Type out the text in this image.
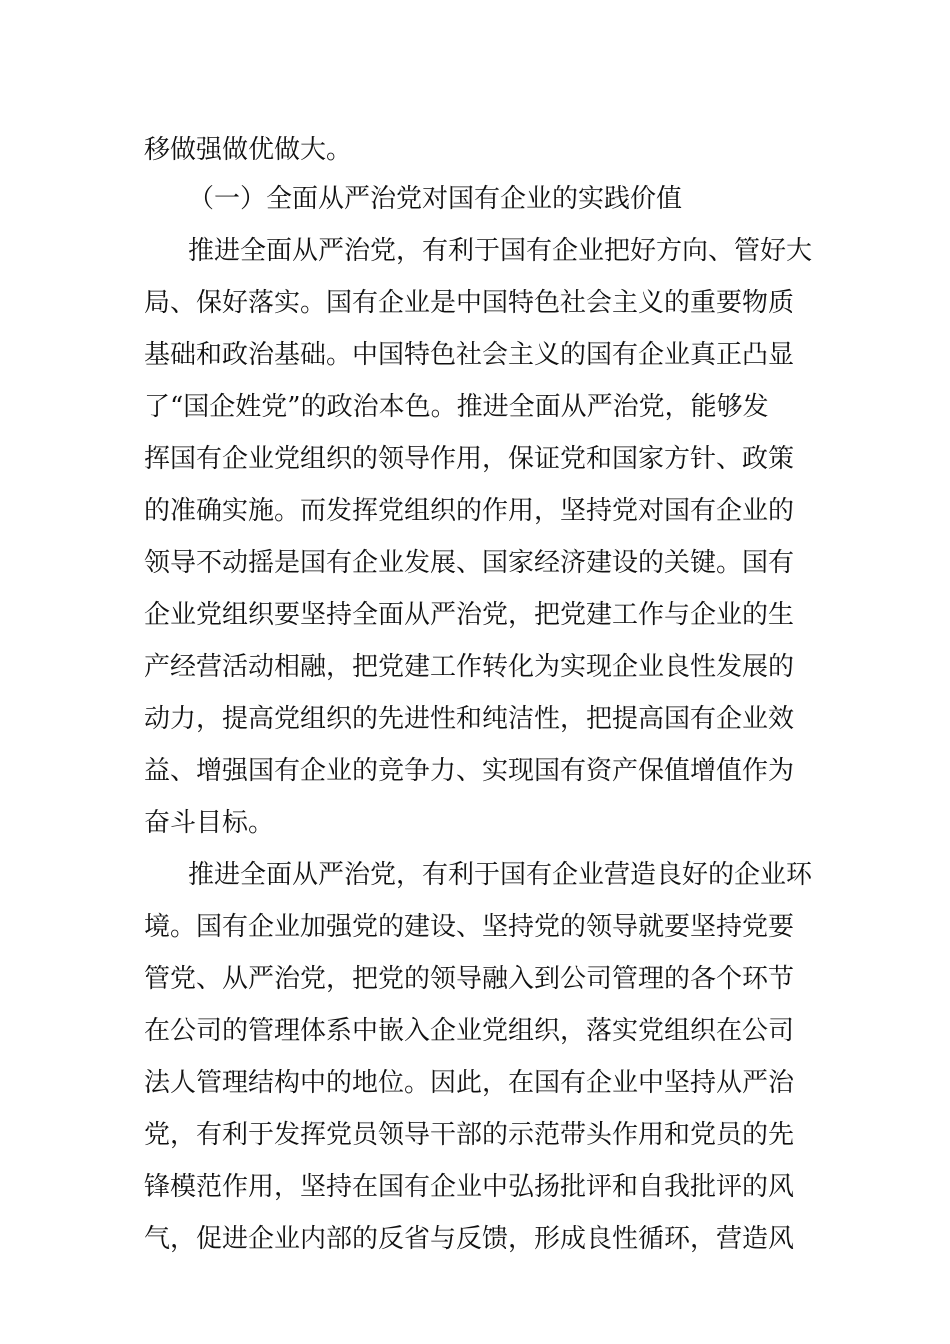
移做强做优做大。
（一）全面从严治党对国有企业的实践价值
推进全面从严治党，有利于国有企业把好方向、管好大
局、保好落实。国有企业是中国特色社会主义的重要物质
基础和政治基础。中国特色社会主义的国有企业真正凸显
了“国企姓党”的政治本色。推进全面从严治党，能够发
挥国有企业党组织的领导作用，保证党和国家方针、政策
的准确实施。而发挥党组织的作用，坚持党对国有企业的
领导不动摇是国有企业发展、国家经济建设的关键。国有
企业党组织要坚持全面从严治党，把党建工作与企业的生
产经营活动相融，把党建工作转化为实现企业良性发展的
动力，提高党组织的先进性和纯洁性，把提高国有企业效
益、增强国有企业的竞争力、实现国有资产保值增值作为
奋斗目标。
推进全面从严治党，有利于国有企业营造良好的企业环
境。国有企业加强党的建设、坚持党的领导就要坚持党要
管党、从严治党，把党的领导融入到公司管理的各个环节
在公司的管理体系中嵌入企业党组织，落实党组织在公司
法人管理结构中的地位。因此，在国有企业中坚持从严治
党，有利于发挥党员领导干部的示范带头作用和党员的先
锋模范作用，坚持在国有企业中弘扬批评和自我批评的风
气，促进企业内部的反省与反馈，形成良性循环，营造风
